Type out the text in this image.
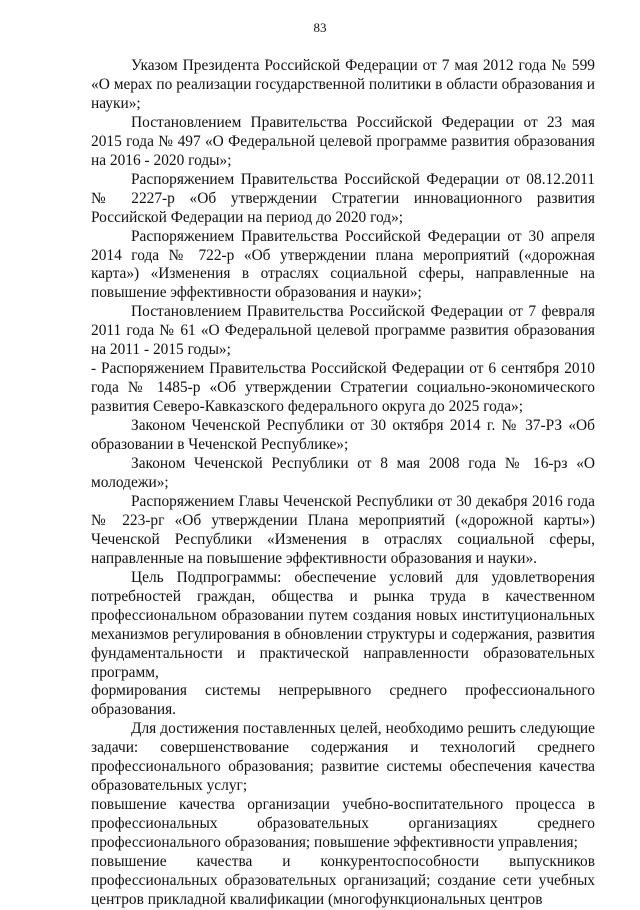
83

Указом Президента Российской Федерации от 7 мая 2012 года № 599 «О мерах по реализации государственной политики в области образования и науки»;

Постановлением Правительства Российской Федерации от 23 мая 2015 года № 497 «О Федеральной целевой программе развития образования на 2016 - 2020 годы»;

Распоряжением Правительства Российской Федерации от 08.12.2011 № 2227-р «Об утверждении Стратегии инновационного развития Российской Федерации на период до 2020 год»;

Распоряжением Правительства Российской Федерации от 30 апреля 2014 года № 722-р «Об утверждении плана мероприятий («дорожная карта») «Изменения в отраслях социальной сферы, направленные на повышение эффективности образования и науки»;

Постановлением Правительства Российской Федерации от 7 февраля 2011 года № 61 «О Федеральной целевой программе развития образования на 2011 - 2015 годы»;

- Распоряжением Правительства Российской Федерации от 6 сентября 2010 года № 1485-р «Об утверждении Стратегии социально-экономического развития Северо-Кавказского федерального округа до 2025 года»;

Законом Чеченской Республики от 30 октября 2014 г. № 37-РЗ «Об образовании в Чеченской Республике»;

Законом Чеченской Республики от 8 мая 2008 года № 16-рз «О молодежи»;

Распоряжением Главы Чеченской Республики от 30 декабря 2016 года № 223-рг «Об утверждении Плана мероприятий («дорожной карты») Чеченской Республики «Изменения в отраслях социальной сферы, направленные на повышение эффективности образования и науки».

Цель Подпрограммы: обеспечение условий для удовлетворения потребностей граждан, общества и рынка труда в качественном профессиональном образовании путем создания новых институциональных механизмов регулирования в обновлении структуры и содержания, развития фундаментальности и практической направленности образовательных программ,

формирования системы непрерывного среднего профессионального образования.

Для достижения поставленных целей, необходимо решить следующие задачи: совершенствование содержания и технологий среднего профессионального образования; развитие системы обеспечения качества образовательных услуг;

повышение качества организации учебно-воспитательного процесса в профессиональных образовательных организациях среднего профессионального образования; повышение эффективности управления;

повышение качества и конкурентоспособности выпускников профессиональных образовательных организаций; создание сети учебных центров прикладной квалификации (многофункциональных центров
